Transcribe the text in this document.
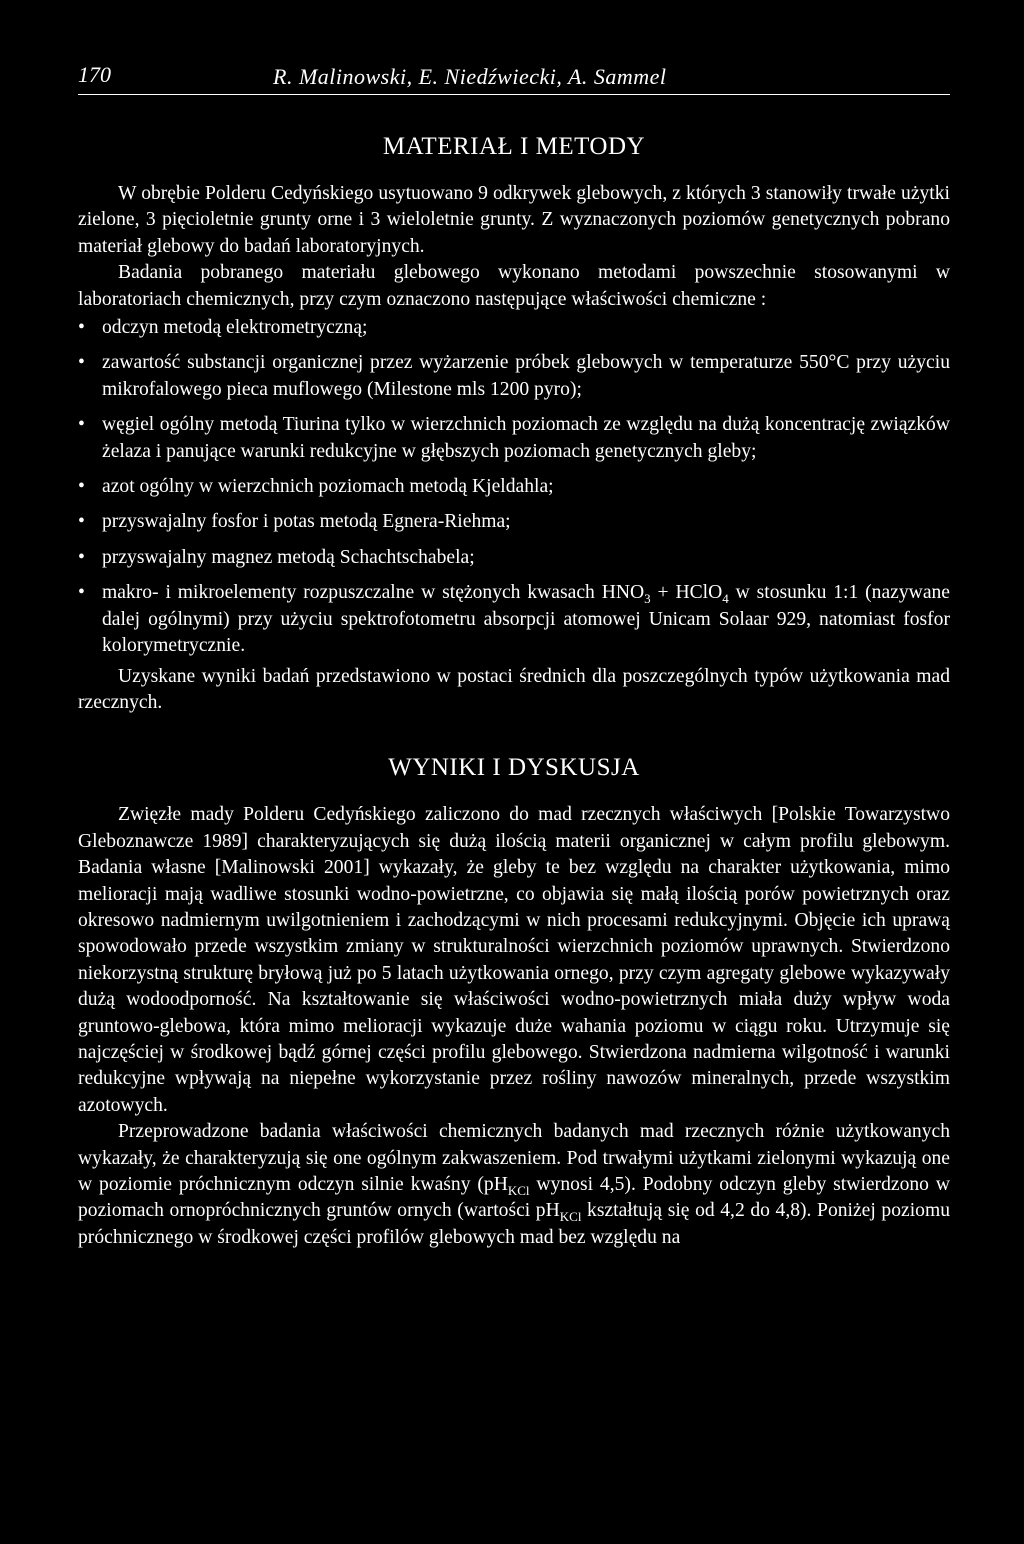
170	R. Malinowski, E. Niedźwiecki, A. Sammel
MATERIAŁ I METODY

W obrębie Polderu Cedyńskiego usytuowano 9 odkrywek glebowych, z których 3 stanowiły trwałe użytki zielone, 3 pięcioletnie grunty orne i 3 wieloletnie grunty. Z wyznaczonych poziomów genetycznych pobrano materiał glebowy do badań laboratoryjnych.

Badania pobranego materiału glebowego wykonano metodami powszechnie stosowanymi w laboratoriach chemicznych, przy czym oznaczono następujące właściwości chemiczne :

• odczyn metodą elektrometryczną;
• zawartość substancji organicznej przez wyżarzenie próbek glebowych w temperaturze 550°C przy użyciu mikrofalowego pieca muflowego (Milestone mls 1200 pyro);
• węgiel ogólny metodą Tiurina tylko w wierzchnich poziomach ze względu na dużą koncentrację związków żelaza i panujące warunki redukcyjne w głębszych poziomach genetycznych gleby;
• azot ogólny w wierzchnich poziomach metodą Kjeldahla;
• przyswajalny fosfor i potas metodą Egnera-Riehma;
• przyswajalny magnez metodą Schachtschabela;
• makro- i mikroelementy rozpuszczalne w stężonych kwasach $HNO_3$ + HClO$_4$ w stosunku 1:1 (nazywane dalej ogólnymi) przy użyciu spektrofotometru absorpcji atomowej Unicam Solaar 929, natomiast fosfor kolorymetrycznie.

Uzyskane wyniki badań przedstawiono w postaci średnich dla poszczególnych typów użytkowania mad rzecznych.

WYNIKI I DYSKUSJA

Zwięzłe mady Polderu Cedyńskiego zaliczono do mad rzecznych właściwych [Polskie Towarzystwo Gleboznawcze 1989] charakteryzujących się dużą ilością materii organicznej w całym profilu glebowym. Badania własne [Malinowski 2001] wykazały, że gleby te bez względu na charakter użytkowania, mimo melioracji mają wadliwe stosunki wodno-powietrzne, co objawia się małą ilością porów powietrznych oraz okresowo nadmiernym uwilgotnieniem i zachodzącymi w nich procesami redukcyjnymi. Objęcie ich uprawą spowodowało przede wszystkim zmiany w strukturalności wierzchnich poziomów uprawnych. Stwierdzono niekorzystną strukturę bryłową już po 5 latach użytkowania ornego, przy czym agregaty glebowe wykazywały dużą wodoodporność. Na kształtowanie się właściwości wodno-powietrznych miała duży wpływ woda gruntowo-glebowa, która mimo melioracji wykazuje duże wahania poziomu w ciągu roku. Utrzymuje się najczęściej w środkowej bądź górnej części profilu glebowego. Stwierdzona nadmierna wilgotność i warunki redukcyjne wpływają na niepełne wykorzystanie przez rośliny nawozów mineralnych, przede wszystkim azotowych.

Przeprowadzone badania właściwości chemicznych badanych mad rzecznych różnie użytkowanych wykazały, że charakteryzują się one ogólnym zakwaszeniem. Pod trwałymi użytkami zielonymi wykazują one w poziomie próchnicznym odczyn silnie kwaśny ($pH_{KCl}$ wynosi 4,5). Podobny odczyn gleby stwierdzono w poziomach ornopróchnicznych gruntów ornych (wartości $pH_{KCl}$ kształtują się od 4,2 do 4,8). Poniżej poziomu próchnicznego w środkowej części profilów glebowych mad bez względu na
